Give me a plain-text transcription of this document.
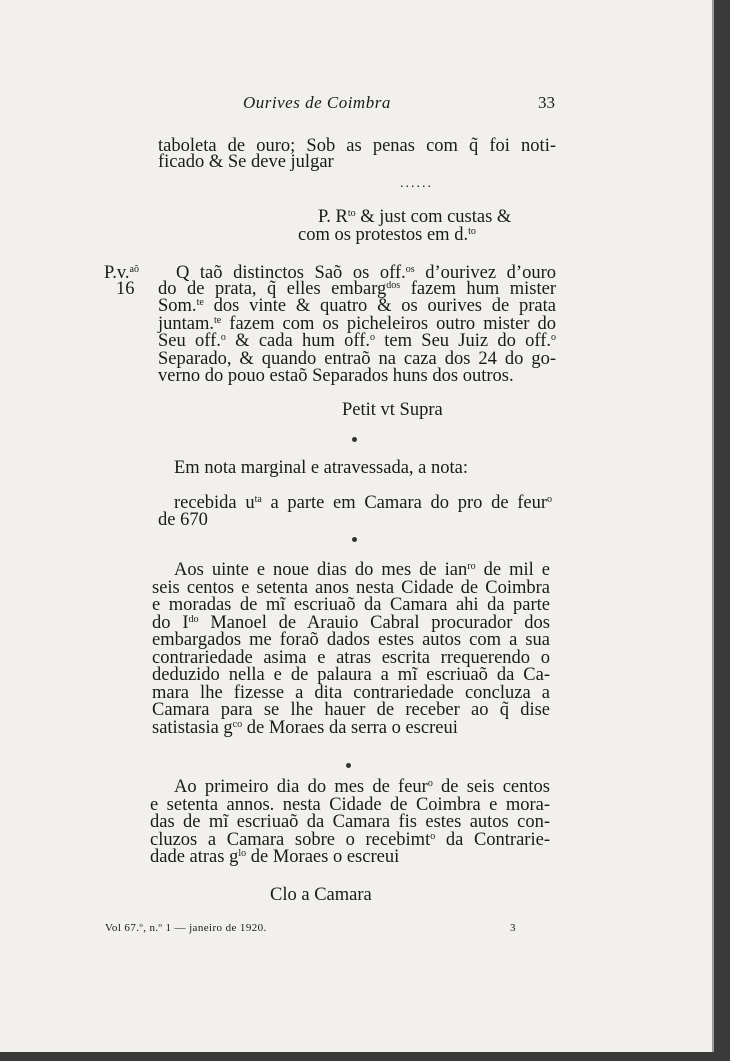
Ourives de Coimbra	33
taboleta de ouro; Sob as penas com q̃ foi noti-
ficado & Se deve julgar
......
P. $R^{to}$ & just com custas &
com os protestos em d.$^{to}$
P.v.$^{aõ}$
16
Q taõ distinctos Saõ os off.$^{os}$ d’ourivez d’ouro
do de prata, q̃ elles embarg$^{dos}$ fazem hum mister
Som.$^{te}$ dos vinte & quatro & os ourives de prata
juntam.$^{te}$ fazem com os picheleiros outro mister do
Seu off.$^o$ & cada hum off.$^o$ tem Seu Juiz do off.$^o$
Separado, & quando entraõ na caza dos 24 do go-
verno do pouo estaõ Separados huns dos outros.
Petit vt Supra
Em nota marginal e atravessada, a nota:
recebida $u^{ta}$ a parte em Camara do pro de feur$^o$
de 670
Aos uinte e noue dias do mes de ian$^{ro}$ de mil e
seis centos e setenta anos nesta Cidade de Coimbra
e moradas de mĩ escriuaõ da Camara ahi da parte
do $I^{do}$ Manoel de Arauio Cabral procurador dos
embargados me foraõ dados estes autos com a sua
contrariedade asima e atras escrita rrequerendo o
deduzido nella e de palaura a mĩ escriuaõ da Ca-
mara lhe fizesse a dita contrariedade concluza a
Camara para se lhe hauer de receber ao q̃ dise
satistasia $g^{co}$ de Moraes da serra o escreui
Ao primeiro dia do mes de feur$^o$ de seis centos
e setenta annos. nesta Cidade de Coimbra e mora-
das de mĩ escriuaõ da Camara fis estes autos con-
cluzos a Camara sobre o recebimt$^o$ da Contrarie-
dade atras $g^{lo}$ de Moraes o escreui
Clo a Camara
Vol 67.º, n.º 1 — janeiro de 1920.	3
